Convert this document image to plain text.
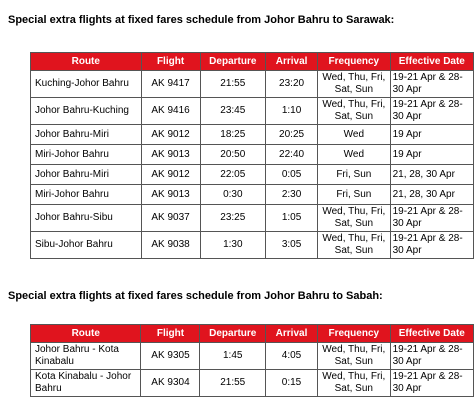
Special extra flights at fixed fares schedule from Johor Bahru to Sarawak:
Route	Flight	Departure	Arrival	Frequency	Effective Date
Kuching-Johor Bahru	AK 9417	21:55	23:20	Wed, Thu, Fri, Sat, Sun	19-21 Apr & 28-30 Apr
Johor Bahru-Kuching	AK 9416	23:45	1:10	Wed, Thu, Fri, Sat, Sun	19-21 Apr & 28-30 Apr
Johor Bahru-Miri	AK 9012	18:25	20:25	Wed	19 Apr
Miri-Johor Bahru	AK 9013	20:50	22:40	Wed	19 Apr
Johor Bahru-Miri	AK 9012	22:05	0:05	Fri, Sun	21, 28, 30 Apr
Miri-Johor Bahru	AK 9013	0:30	2:30	Fri, Sun	21, 28, 30 Apr
Johor Bahru-Sibu	AK 9037	23:25	1:05	Wed, Thu, Fri, Sat, Sun	19-21 Apr & 28-30 Apr
Sibu-Johor Bahru	AK 9038	1:30	3:05	Wed, Thu, Fri, Sat, Sun	19-21 Apr & 28-30 Apr
Special extra flights at fixed fares schedule from Johor Bahru to Sabah:
Route	Flight	Departure	Arrival	Frequency	Effective Date
Johor Bahru - Kota Kinabalu	AK 9305	1:45	4:05	Wed, Thu, Fri, Sat, Sun	19-21 Apr & 28-30 Apr
Kota Kinabalu - Johor Bahru	AK 9304	21:55	0:15	Wed, Thu, Fri, Sat, Sun	19-21 Apr & 28-30 Apr
